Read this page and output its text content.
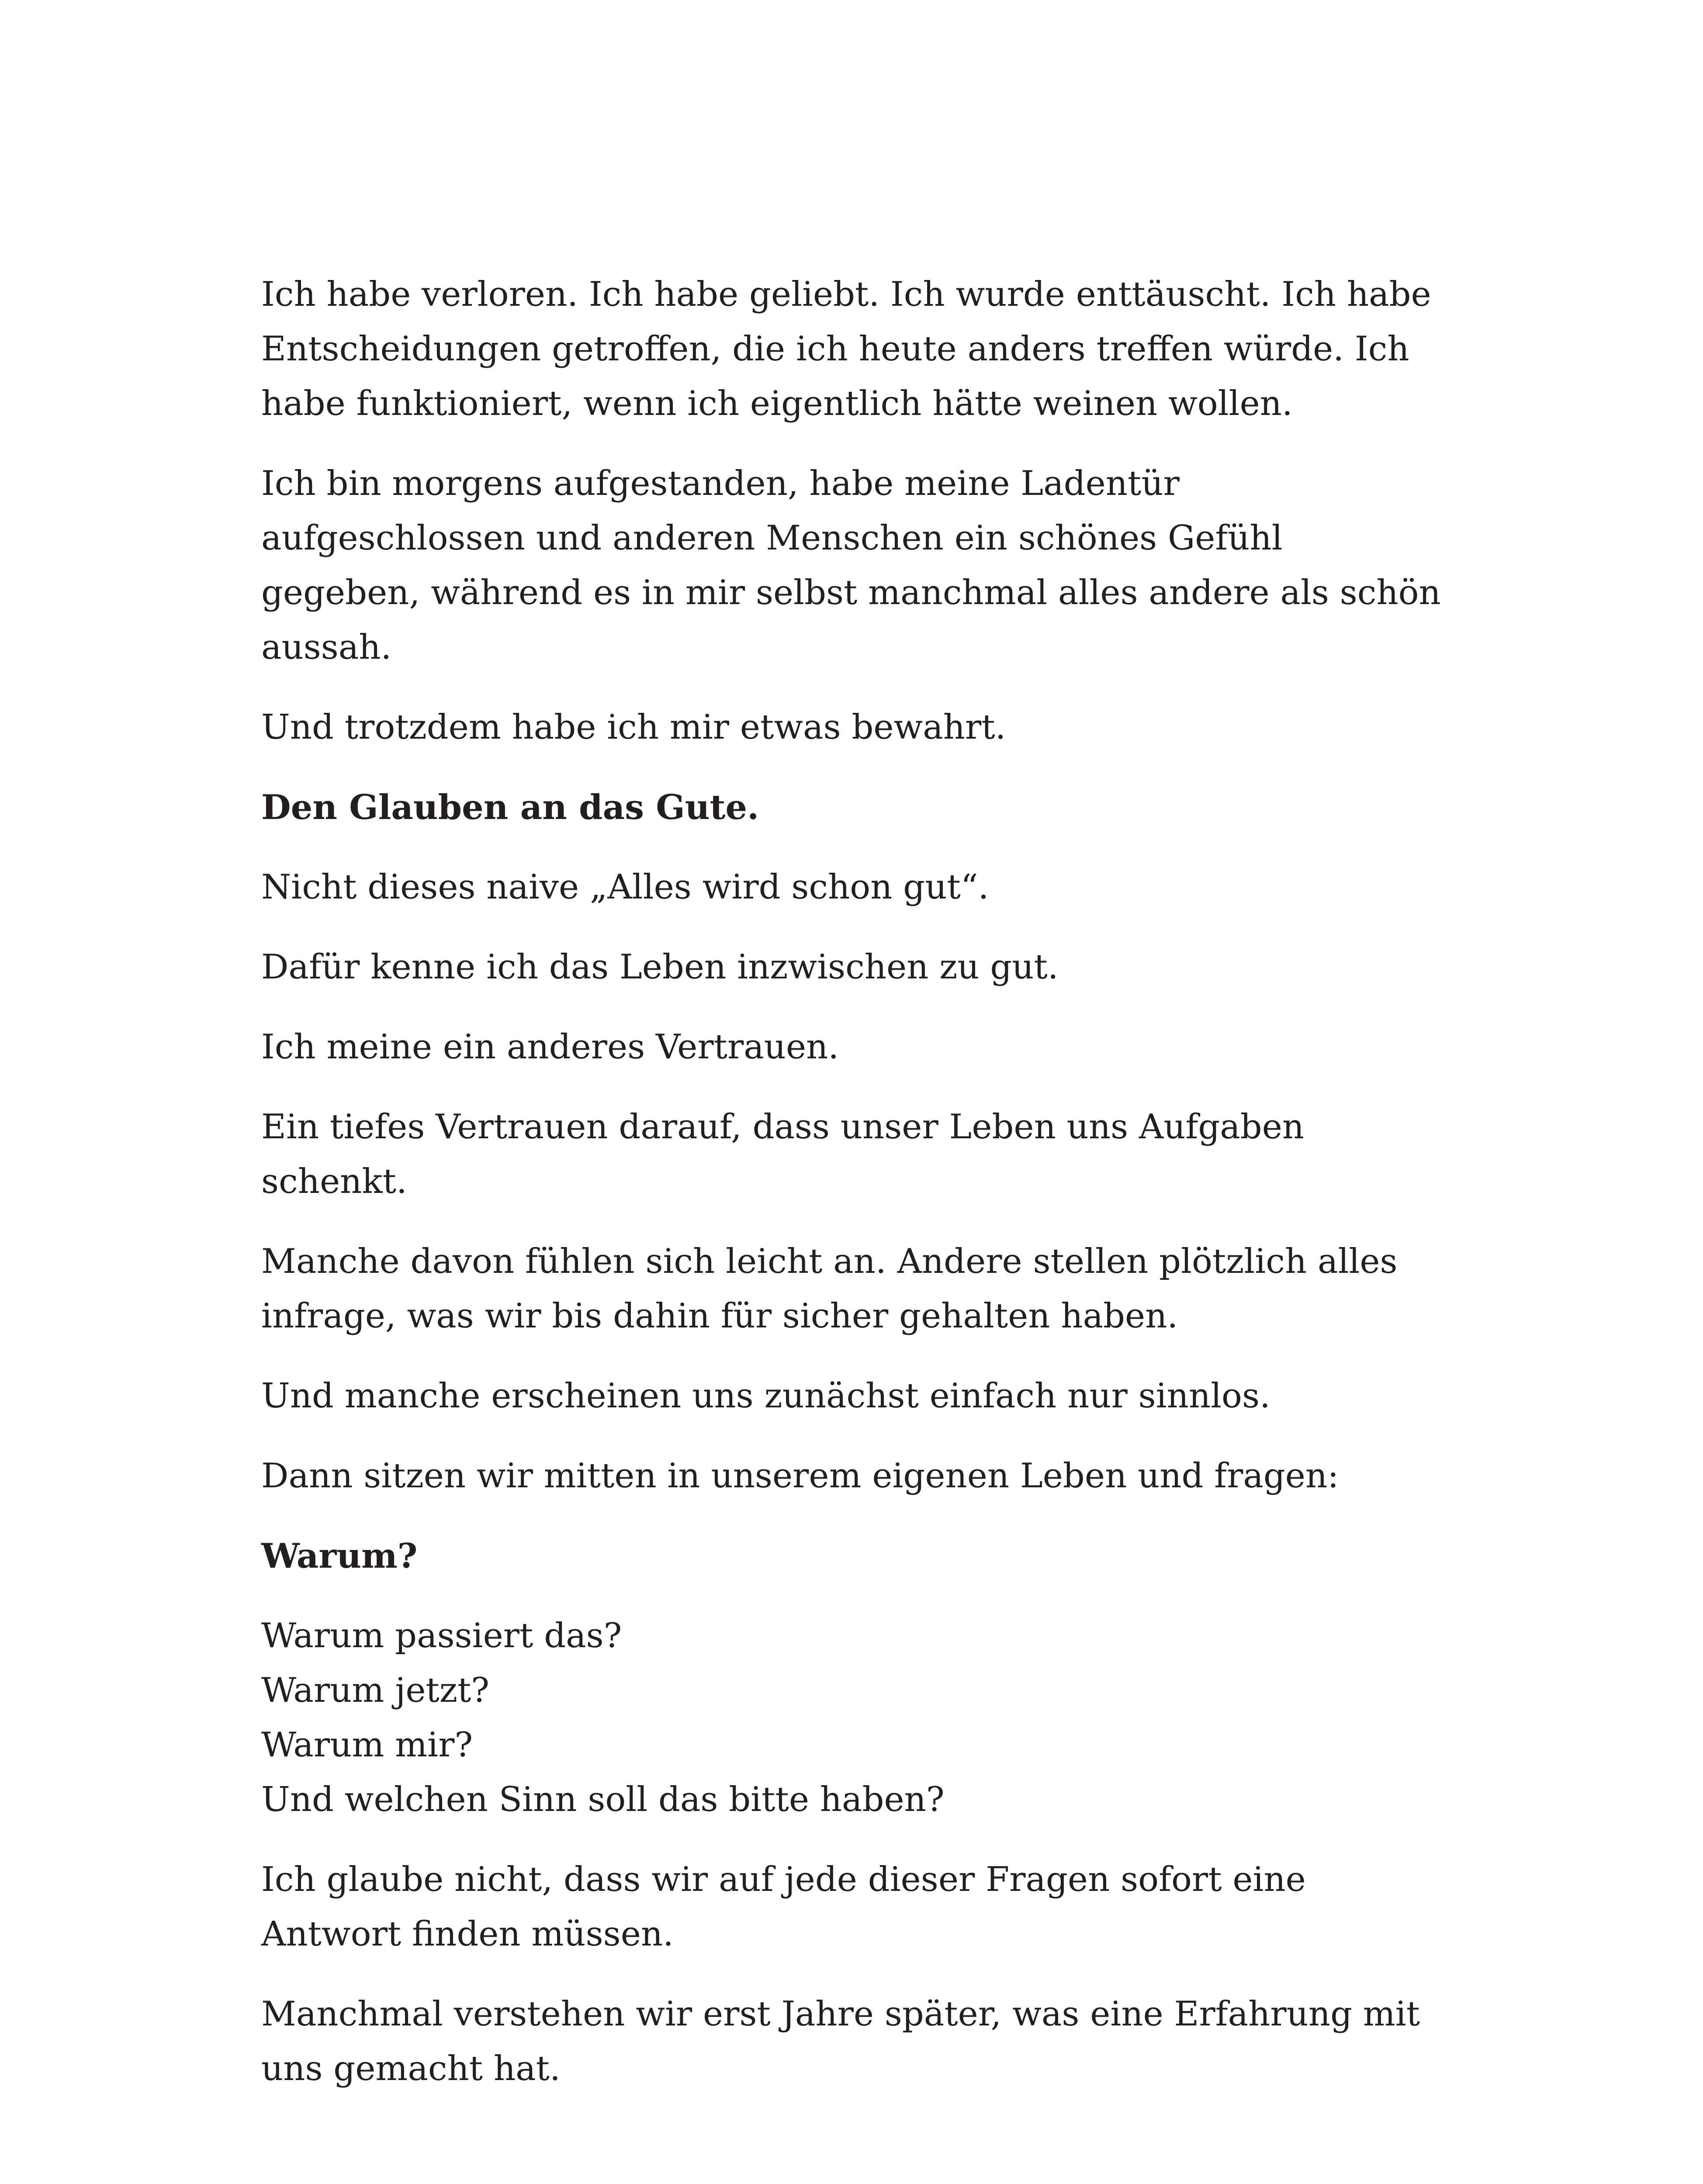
Ich habe verloren. Ich habe geliebt. Ich wurde enttäuscht. Ich habe Entscheidungen getroffen, die ich heute anders treffen würde. Ich habe funktioniert, wenn ich eigentlich hätte weinen wollen.

Ich bin morgens aufgestanden, habe meine Ladentür aufgeschlossen und anderen Menschen ein schönes Gefühl gegeben, während es in mir selbst manchmal alles andere als schön aussah.

Und trotzdem habe ich mir etwas bewahrt.

Den Glauben an das Gute.

Nicht dieses naive „Alles wird schon gut“.

Dafür kenne ich das Leben inzwischen zu gut.

Ich meine ein anderes Vertrauen.

Ein tiefes Vertrauen darauf, dass unser Leben uns Aufgaben schenkt.

Manche davon fühlen sich leicht an. Andere stellen plötzlich alles infrage, was wir bis dahin für sicher gehalten haben.

Und manche erscheinen uns zunächst einfach nur sinnlos.

Dann sitzen wir mitten in unserem eigenen Leben und fragen:

Warum?

Warum passiert das?
Warum jetzt?
Warum mir?
Und welchen Sinn soll das bitte haben?

Ich glaube nicht, dass wir auf jede dieser Fragen sofort eine Antwort finden müssen.

Manchmal verstehen wir erst Jahre später, was eine Erfahrung mit uns gemacht hat.
